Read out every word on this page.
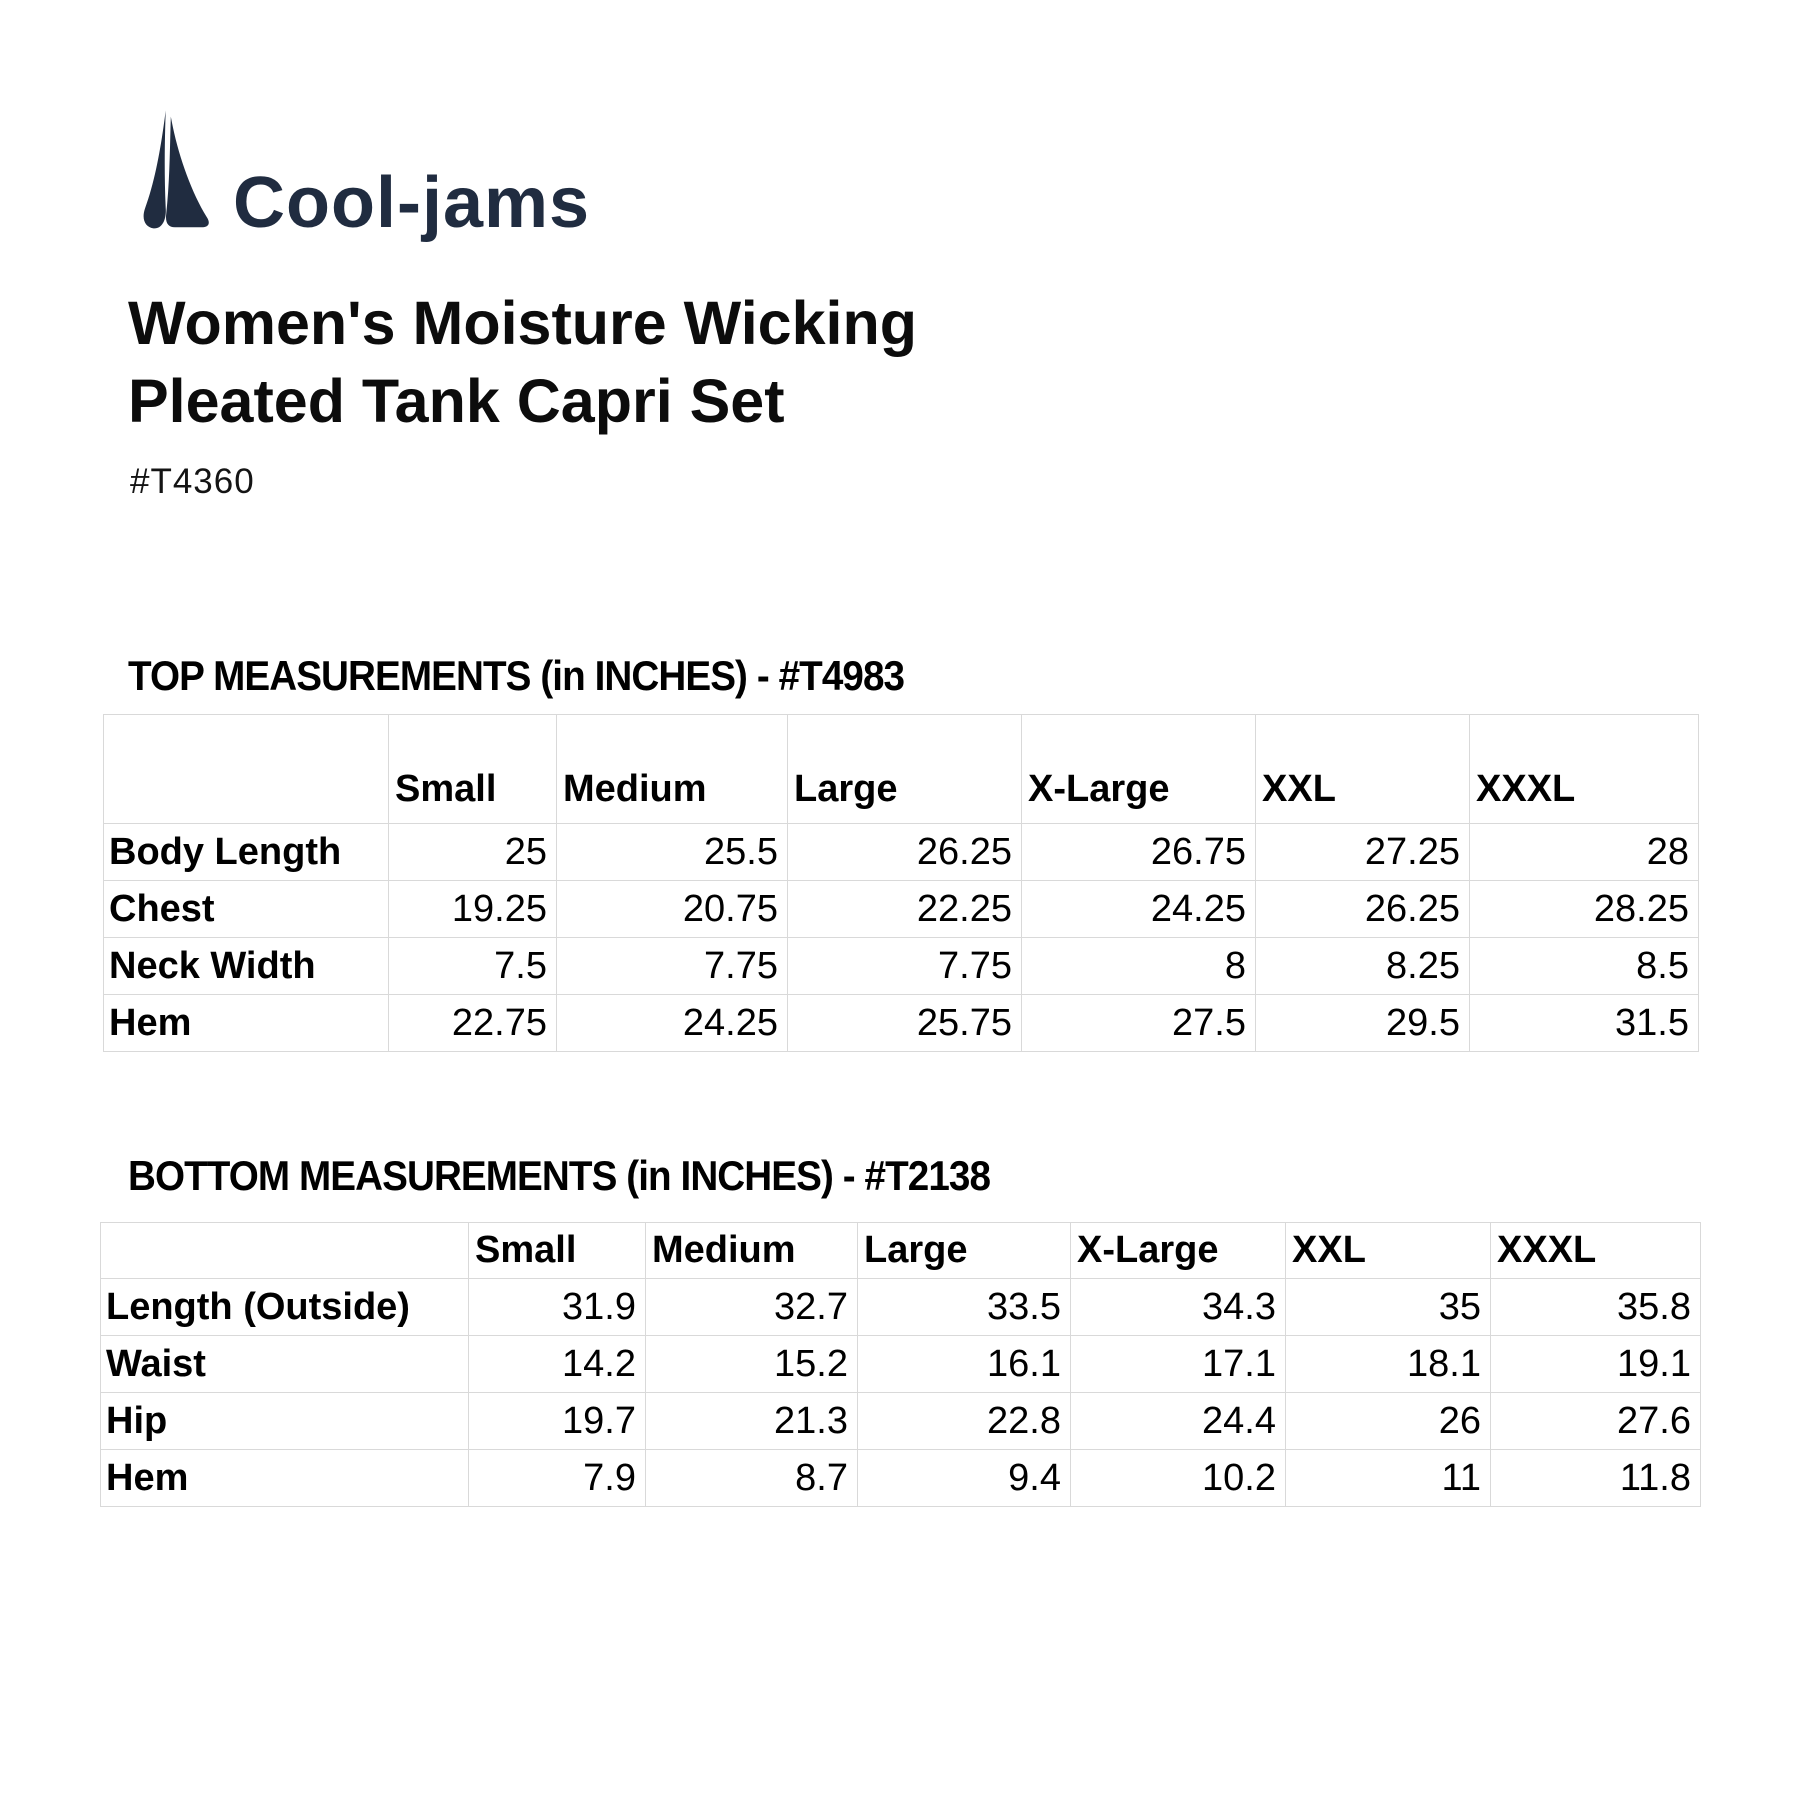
Cool-jams
Women's Moisture Wicking
Pleated Tank Capri Set
#T4360
TOP MEASUREMENTS (in INCHES) - #T4983
	Small	Medium	Large	X-Large	XXL	XXXL
Body Length	25	25.5	26.25	26.75	27.25	28
Chest	19.25	20.75	22.25	24.25	26.25	28.25
Neck Width	7.5	7.75	7.75	8	8.25	8.5
Hem	22.75	24.25	25.75	27.5	29.5	31.5
BOTTOM MEASUREMENTS (in INCHES) - #T2138
	Small	Medium	Large	X-Large	XXL	XXXL
Length (Outside)	31.9	32.7	33.5	34.3	35	35.8
Waist	14.2	15.2	16.1	17.1	18.1	19.1
Hip	19.7	21.3	22.8	24.4	26	27.6
Hem	7.9	8.7	9.4	10.2	11	11.8
